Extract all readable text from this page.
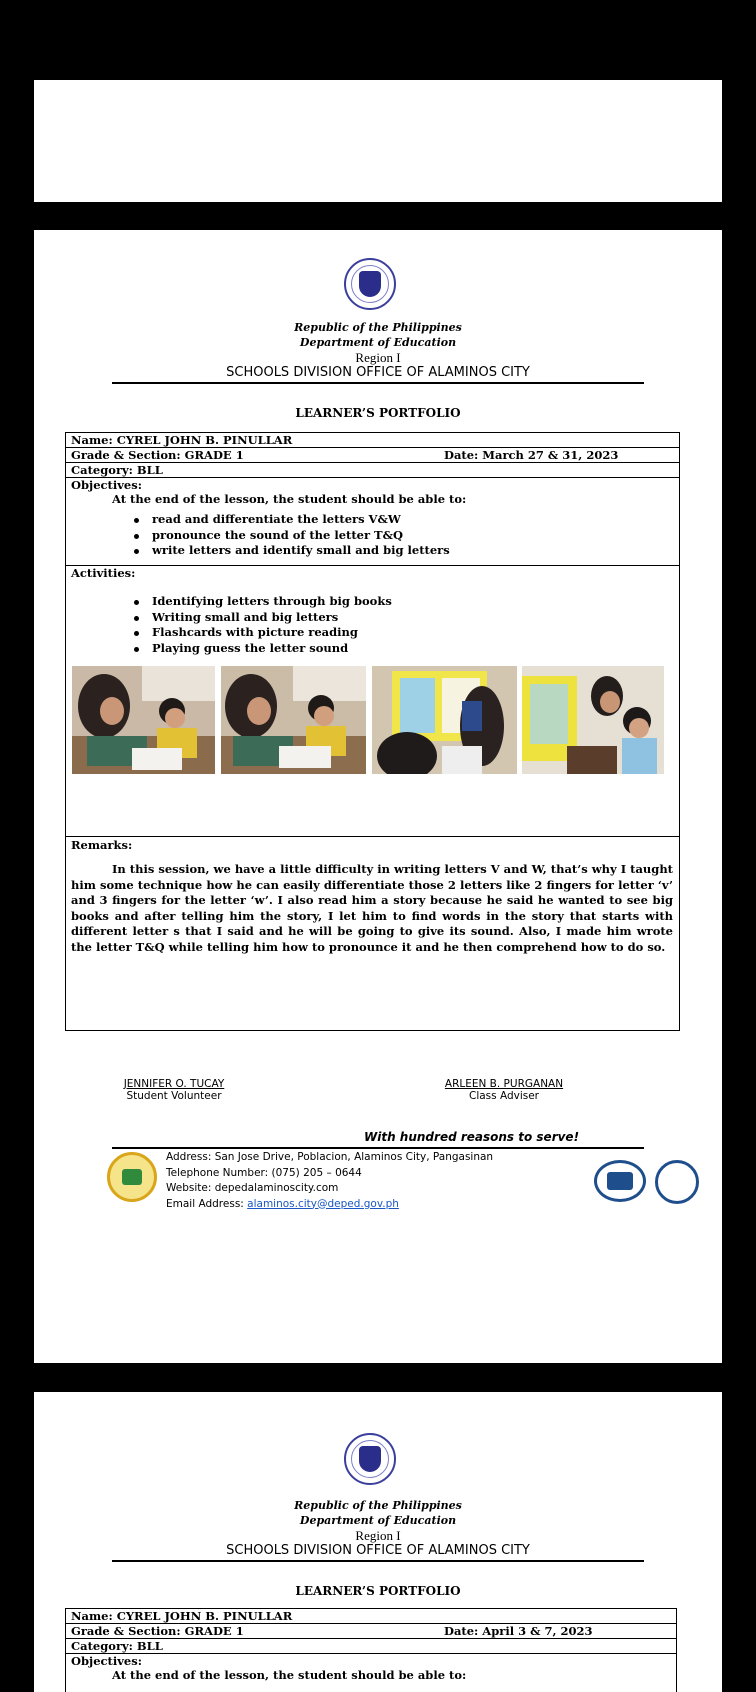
Republic of the Philippines
Department of Education
Region I
SCHOOLS DIVISION OFFICE OF ALAMINOS CITY
LEARNER’S PORTFOLIO
Name: CYREL JOHN B. PINULLAR
Grade & Section: GRADE 1	Date: March 27 & 31, 2023
Category: BLL
Objectives:
At the end of the lesson, the student should be able to:
read and differentiate the letters V&W
pronounce the sound of the letter T&Q
write letters and identify small and big letters
Activities:
Identifying letters through big books
Writing small and big letters
Flashcards with picture reading
Playing guess the letter sound
Remarks:
In this session, we have a little difficulty in writing letters V and W, that’s why I taught him some technique how he can easily differentiate those 2 letters like 2 fingers for letter ‘v’ and 3 fingers for the letter ‘w’. I also read him a story because he said he wanted to see big books and after telling him the story, I let him to find words in the story that starts with different letter s that I said and he will be going to give its sound. Also, I made him wrote the letter T&Q while telling him how to pronounce it and he then comprehend how to do so.
JENNIFER O. TUCAY
Student Volunteer
ARLEEN B. PURGANAN
Class Adviser
With hundred reasons to serve!
Address: San Jose Drive, Poblacion, Alaminos City, Pangasinan
Telephone Number: (075) 205 – 0644
Website: depedalaminoscity.com
Email Address: alaminos.city@deped.gov.ph
Republic of the Philippines
Department of Education
Region I
SCHOOLS DIVISION OFFICE OF ALAMINOS CITY
LEARNER’S PORTFOLIO
Name: CYREL JOHN B. PINULLAR
Grade & Section: GRADE 1	Date: April 3 & 7, 2023
Category: BLL
Objectives:
At the end of the lesson, the student should be able to:
